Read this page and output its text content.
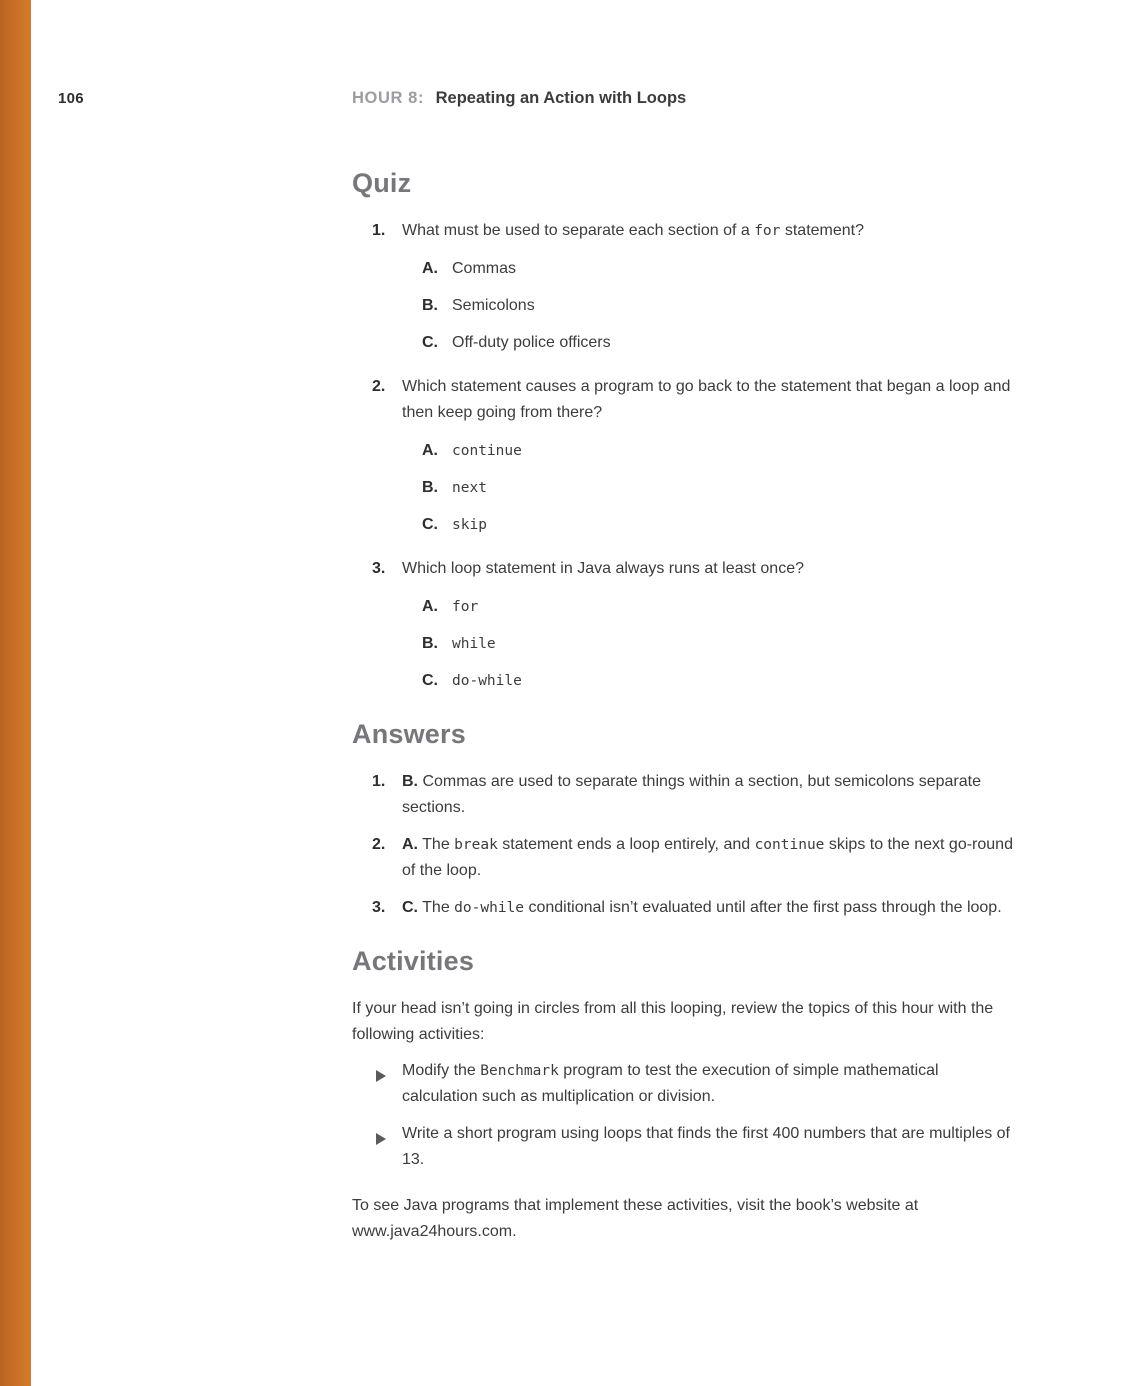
106	HOUR 8: Repeating an Action with Loops
Quiz
1.	What must be used to separate each section of a for statement?
A. Commas
B. Semicolons
C. Off-duty police officers
2.	Which statement causes a program to go back to the statement that began a loop and then keep going from there?
A. continue
B. next
C. skip
3.	Which loop statement in Java always runs at least once?
A. for
B. while
C. do-while
Answers
1.	B. Commas are used to separate things within a section, but semicolons separate sections.
2.	A. The break statement ends a loop entirely, and continue skips to the next go-round of the loop.
3.	C. The do-while conditional isn’t evaluated until after the first pass through the loop.
Activities

If your head isn’t going in circles from all this looping, review the topics of this hour with the following activities:

Modify the Benchmark program to test the execution of simple mathematical calculation such as multiplication or division.
Write a short program using loops that finds the first 400 numbers that are multiples of 13.

To see Java programs that implement these activities, visit the book’s website at www.java24hours.com.
